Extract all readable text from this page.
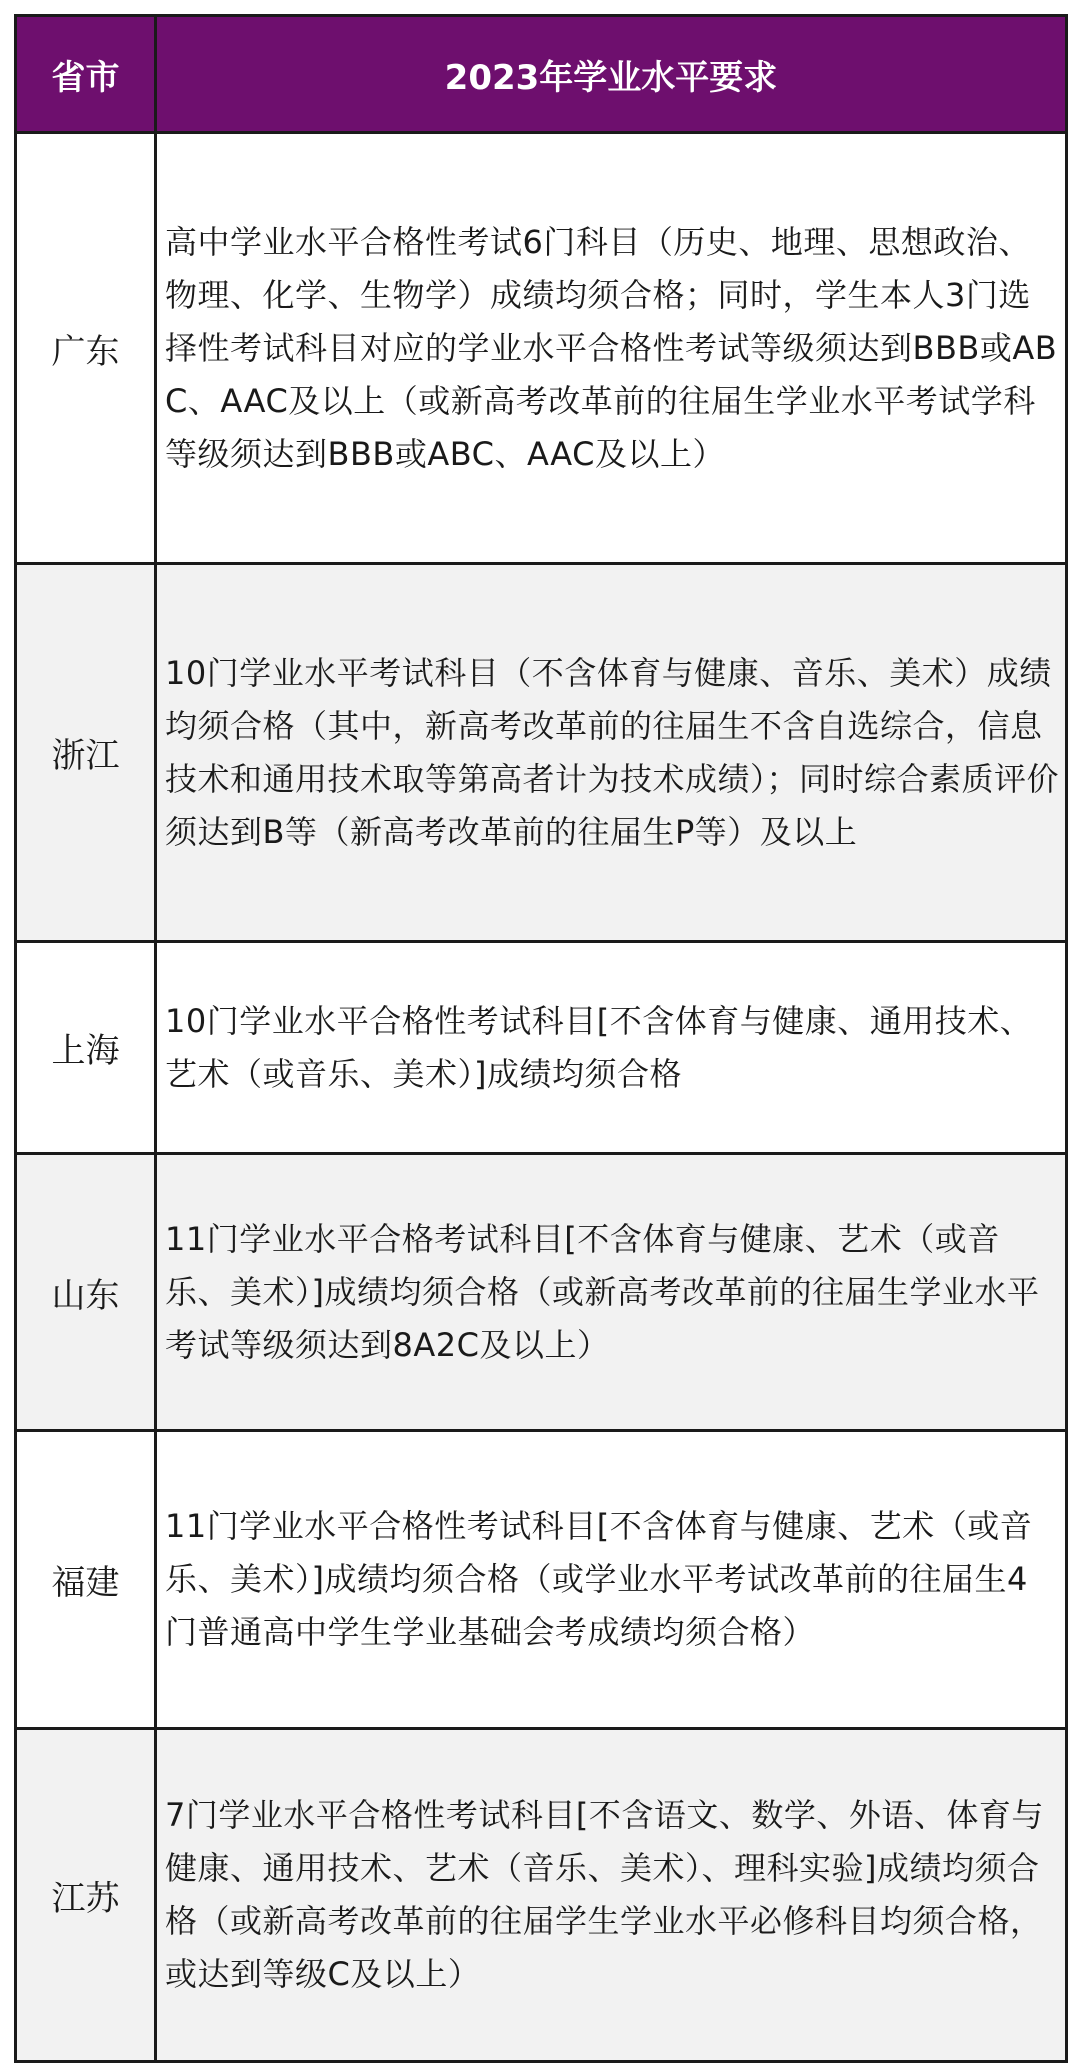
省市	2023年学业水平要求
广东	高中学业水平合格性考试6门科目（历史、地理、思想政治、物理、化学、生物学）成绩均须合格；同时，学生本人3门选择性考试科目对应的学业水平合格性考试等级须达到BBB或ABC、AAC及以上（或新高考改革前的往届生学业水平考试学科等级须达到BBB或ABC、AAC及以上）
浙江	10门学业水平考试科目（不含体育与健康、音乐、美术）成绩均须合格（其中，新高考改革前的往届生不含自选综合，信息技术和通用技术取等第高者计为技术成绩）；同时综合素质评价须达到B等（新高考改革前的往届生P等）及以上
上海	10门学业水平合格性考试科目[不含体育与健康、通用技术、艺术（或音乐、美术）]成绩均须合格
山东	11门学业水平合格考试科目[不含体育与健康、艺术（或音乐、美术）]成绩均须合格（或新高考改革前的往届生学业水平考试等级须达到8A2C及以上）
福建	11门学业水平合格性考试科目[不含体育与健康、艺术（或音乐、美术）]成绩均须合格（或学业水平考试改革前的往届生4门普通高中学生学业基础会考成绩均须合格）
江苏	7门学业水平合格性考试科目[不含语文、数学、外语、体育与健康、通用技术、艺术（音乐、美术）、理科实验]成绩均须合格（或新高考改革前的往届学生学业水平必修科目均须合格，或达到等级C及以上）
